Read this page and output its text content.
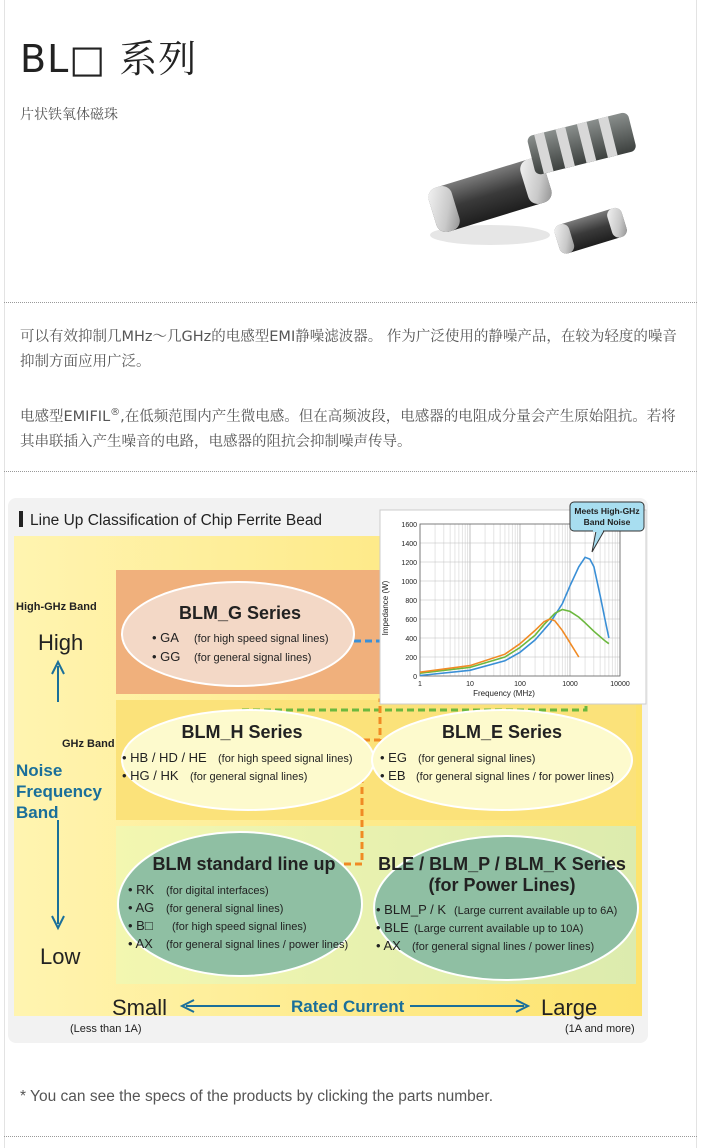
BL□ 系列
片状铁氧体磁珠
可以有效抑制几MHz～几GHz的电感型EMI静噪滤波器。 作为广泛使用的静噪产品，在较为轻度的噪音抑制方面应用广泛。
电感型EMIFIL®,在低频范围内产生微电感。但在高频波段，电感器的电阻成分量会产生原始阻抗。若将其串联插入产生噪音的电路，电感器的阻抗会抑制噪声传导。
Line Up Classification of Chip Ferrite Bead
High-GHz Band
High
GHz Band
Noise
Frequency
Band
Low
Small	Rated Current	Large
(Less than 1A)	(1A and more)
BLM_G Series
• GA (for high speed signal lines)
• GG (for general signal lines)
BLM_H Series
• HB / HD / HE (for high speed signal lines)
• HG / HK (for general signal lines)
BLM_E Series
• EG (for general signal lines)
• EB (for general signal lines / for power lines)
BLM standard line up
• RK (for digital interfaces)
• AG (for general signal lines)
• B□ (for high speed signal lines)
• AX (for general signal lines / power lines)
BLE / BLM_P / BLM_K Series
(for Power Lines)
• BLM_P / K (Large current available up to 6A)
• BLE (Large current available up to 10A)
• AX (for general signal lines / power lines)
0
200
400
600
800
1000
1200
1400
1600
1	10	100	1000	10000
Frequency (MHz)
Impedance (W)
Meets High-GHz
Band Noise
* You can see the specs of the products by clicking the parts number.
